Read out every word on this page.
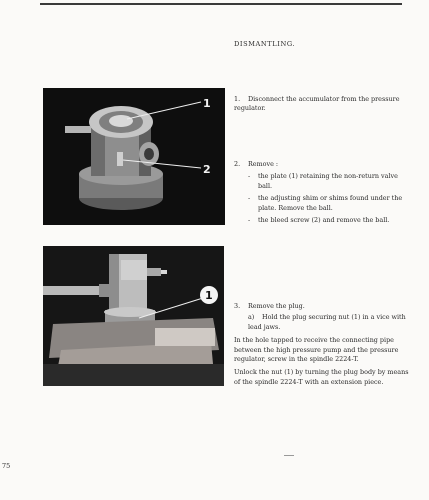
DISMANTLING.
1
2
1
1. Disconnect the accumulator from the pressure regulator.
2. Remove :
-	the plate (1) retaining the non-return valve ball.
-	the adjusting shim or shims found under the plate. Remove the ball.
-	the bleed screw (2) and remove the ball.
3. Remove the plug.
a) Hold the plug securing nut (1) in a vice with lead jaws.
In the hole tapped to receive the connecting pipe between the high pressure pump and the pressure regulator, screw in the spindle 2224-T.
Unlock the nut (1) by turning the plug body by means of the spindle 2224-T with an extension piece.
75
